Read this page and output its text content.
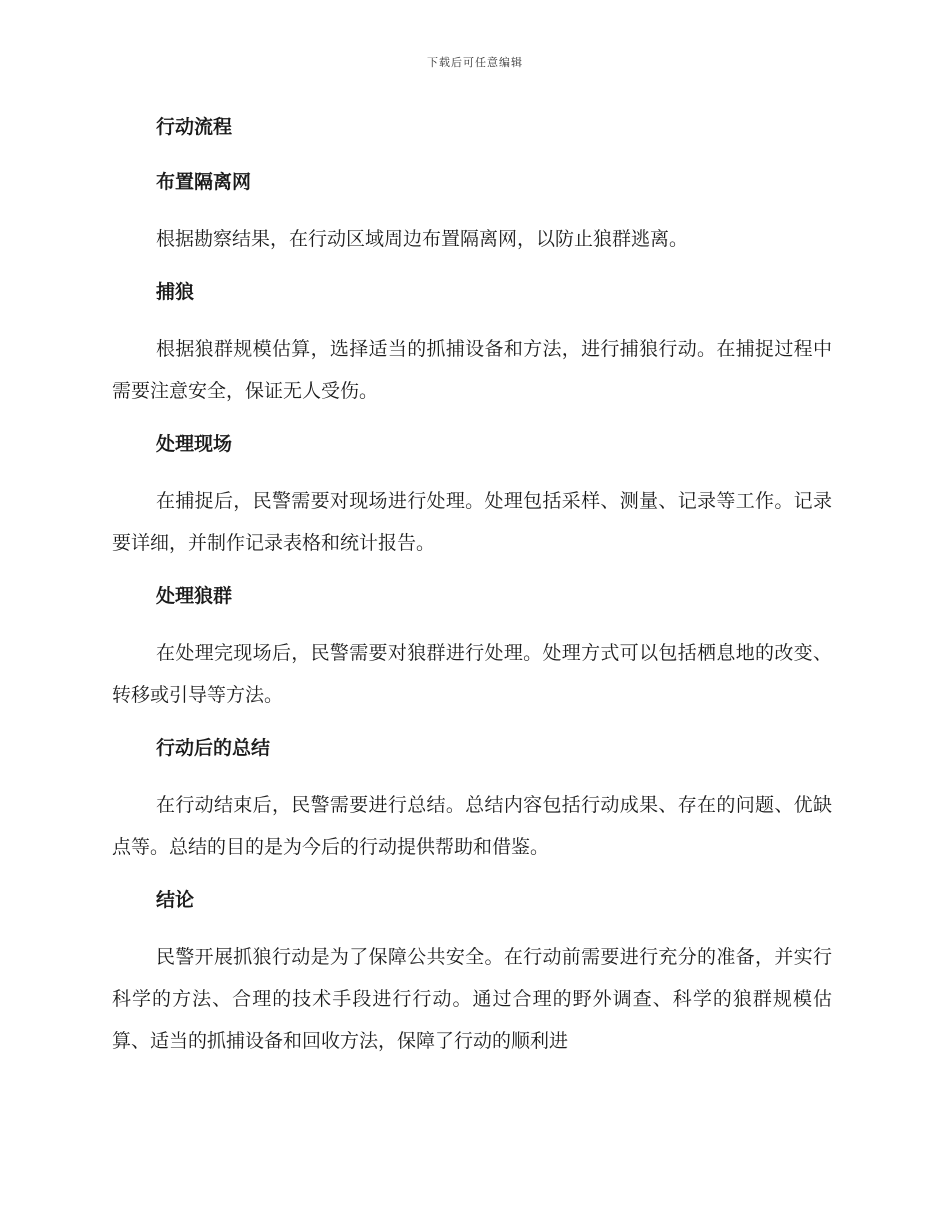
下载后可任意编辑
行动流程
布置隔离网

根据勘察结果，在行动区域周边布置隔离网，以防止狼群逃离。

捕狼

根据狼群规模估算，选择适当的抓捕设备和方法，进行捕狼行动。在捕捉过程中需要注意安全，保证无人受伤。

处理现场

在捕捉后，民警需要对现场进行处理。处理包括采样、测量、记录等工作。记录要详细，并制作记录表格和统计报告。

处理狼群

在处理完现场后，民警需要对狼群进行处理。处理方式可以包括栖息地的改变、转移或引导等方法。

行动后的总结

在行动结束后，民警需要进行总结。总结内容包括行动成果、存在的问题、优缺点等。总结的目的是为今后的行动提供帮助和借鉴。

结论

民警开展抓狼行动是为了保障公共安全。在行动前需要进行充分的准备，并实行科学的方法、合理的技术手段进行行动。通过合理的野外调查、科学的狼群规模估算、适当的抓捕设备和回收方法，保障了行动的顺利进
